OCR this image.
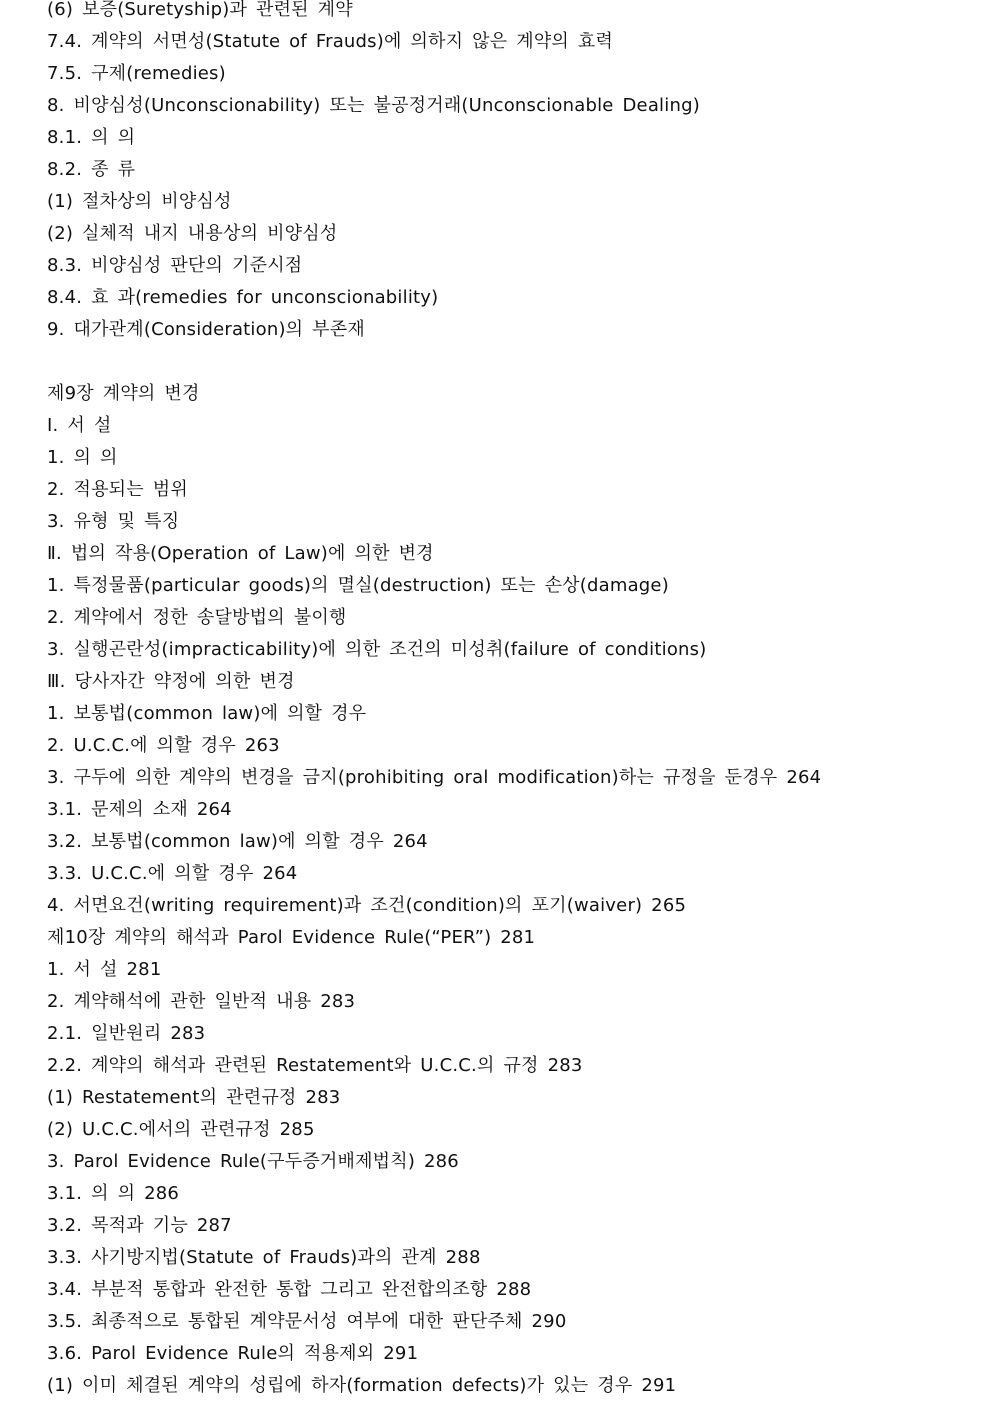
(6) 보증(Suretyship)과 관련된 계약
7.4. 계약의 서면성(Statute of Frauds)에 의하지 않은 계약의 효력
7.5. 구제(remedies)
8. 비양심성(Unconscionability) 또는 불공정거래(Unconscionable Dealing)
8.1. 의 의
8.2. 종 류
(1) 절차상의 비양심성
(2) 실체적 내지 내용상의 비양심성
8.3. 비양심성 판단의 기준시점
8.4. 효 과(remedies for unconscionability)
9. 대가관계(Consideration)의 부존재
제9장 계약의 변경
Ⅰ. 서 설
1. 의 의
2. 적용되는 범위
3. 유형 및 특징
Ⅱ. 법의 작용(Operation of Law)에 의한 변경
1. 특정물품(particular goods)의 멸실(destruction) 또는 손상(damage)
2. 계약에서 정한 송달방법의 불이행
3. 실행곤란성(impracticability)에 의한 조건의 미성취(failure of conditions)
Ⅲ. 당사자간 약정에 의한 변경
1. 보통법(common law)에 의할 경우
2. U.C.C.에 의할 경우 263
3. 구두에 의한 계약의 변경을 금지(prohibiting oral modification)하는 규정을 둔경우 264
3.1. 문제의 소재 264
3.2. 보통법(common law)에 의할 경우 264
3.3. U.C.C.에 의할 경우 264
4. 서면요건(writing requirement)과 조건(condition)의 포기(waiver) 265
제10장 계약의 해석과 Parol Evidence Rule(“PER”) 281
1. 서 설 281
2. 계약해석에 관한 일반적 내용 283
2.1. 일반원리 283
2.2. 계약의 해석과 관련된 Restatement와 U.C.C.의 규정 283
(1) Restatement의 관련규정 283
(2) U.C.C.에서의 관련규정 285
3. Parol Evidence Rule(구두증거배제법칙) 286
3.1. 의 의 286
3.2. 목적과 기능 287
3.3. 사기방지법(Statute of Frauds)과의 관계 288
3.4. 부분적 통합과 완전한 통합 그리고 완전합의조항 288
3.5. 최종적으로 통합된 계약문서성 여부에 대한 판단주체 290
3.6. Parol Evidence Rule의 적용제외 291
(1) 이미 체결된 계약의 성립에 하자(formation defects)가 있는 경우 291
